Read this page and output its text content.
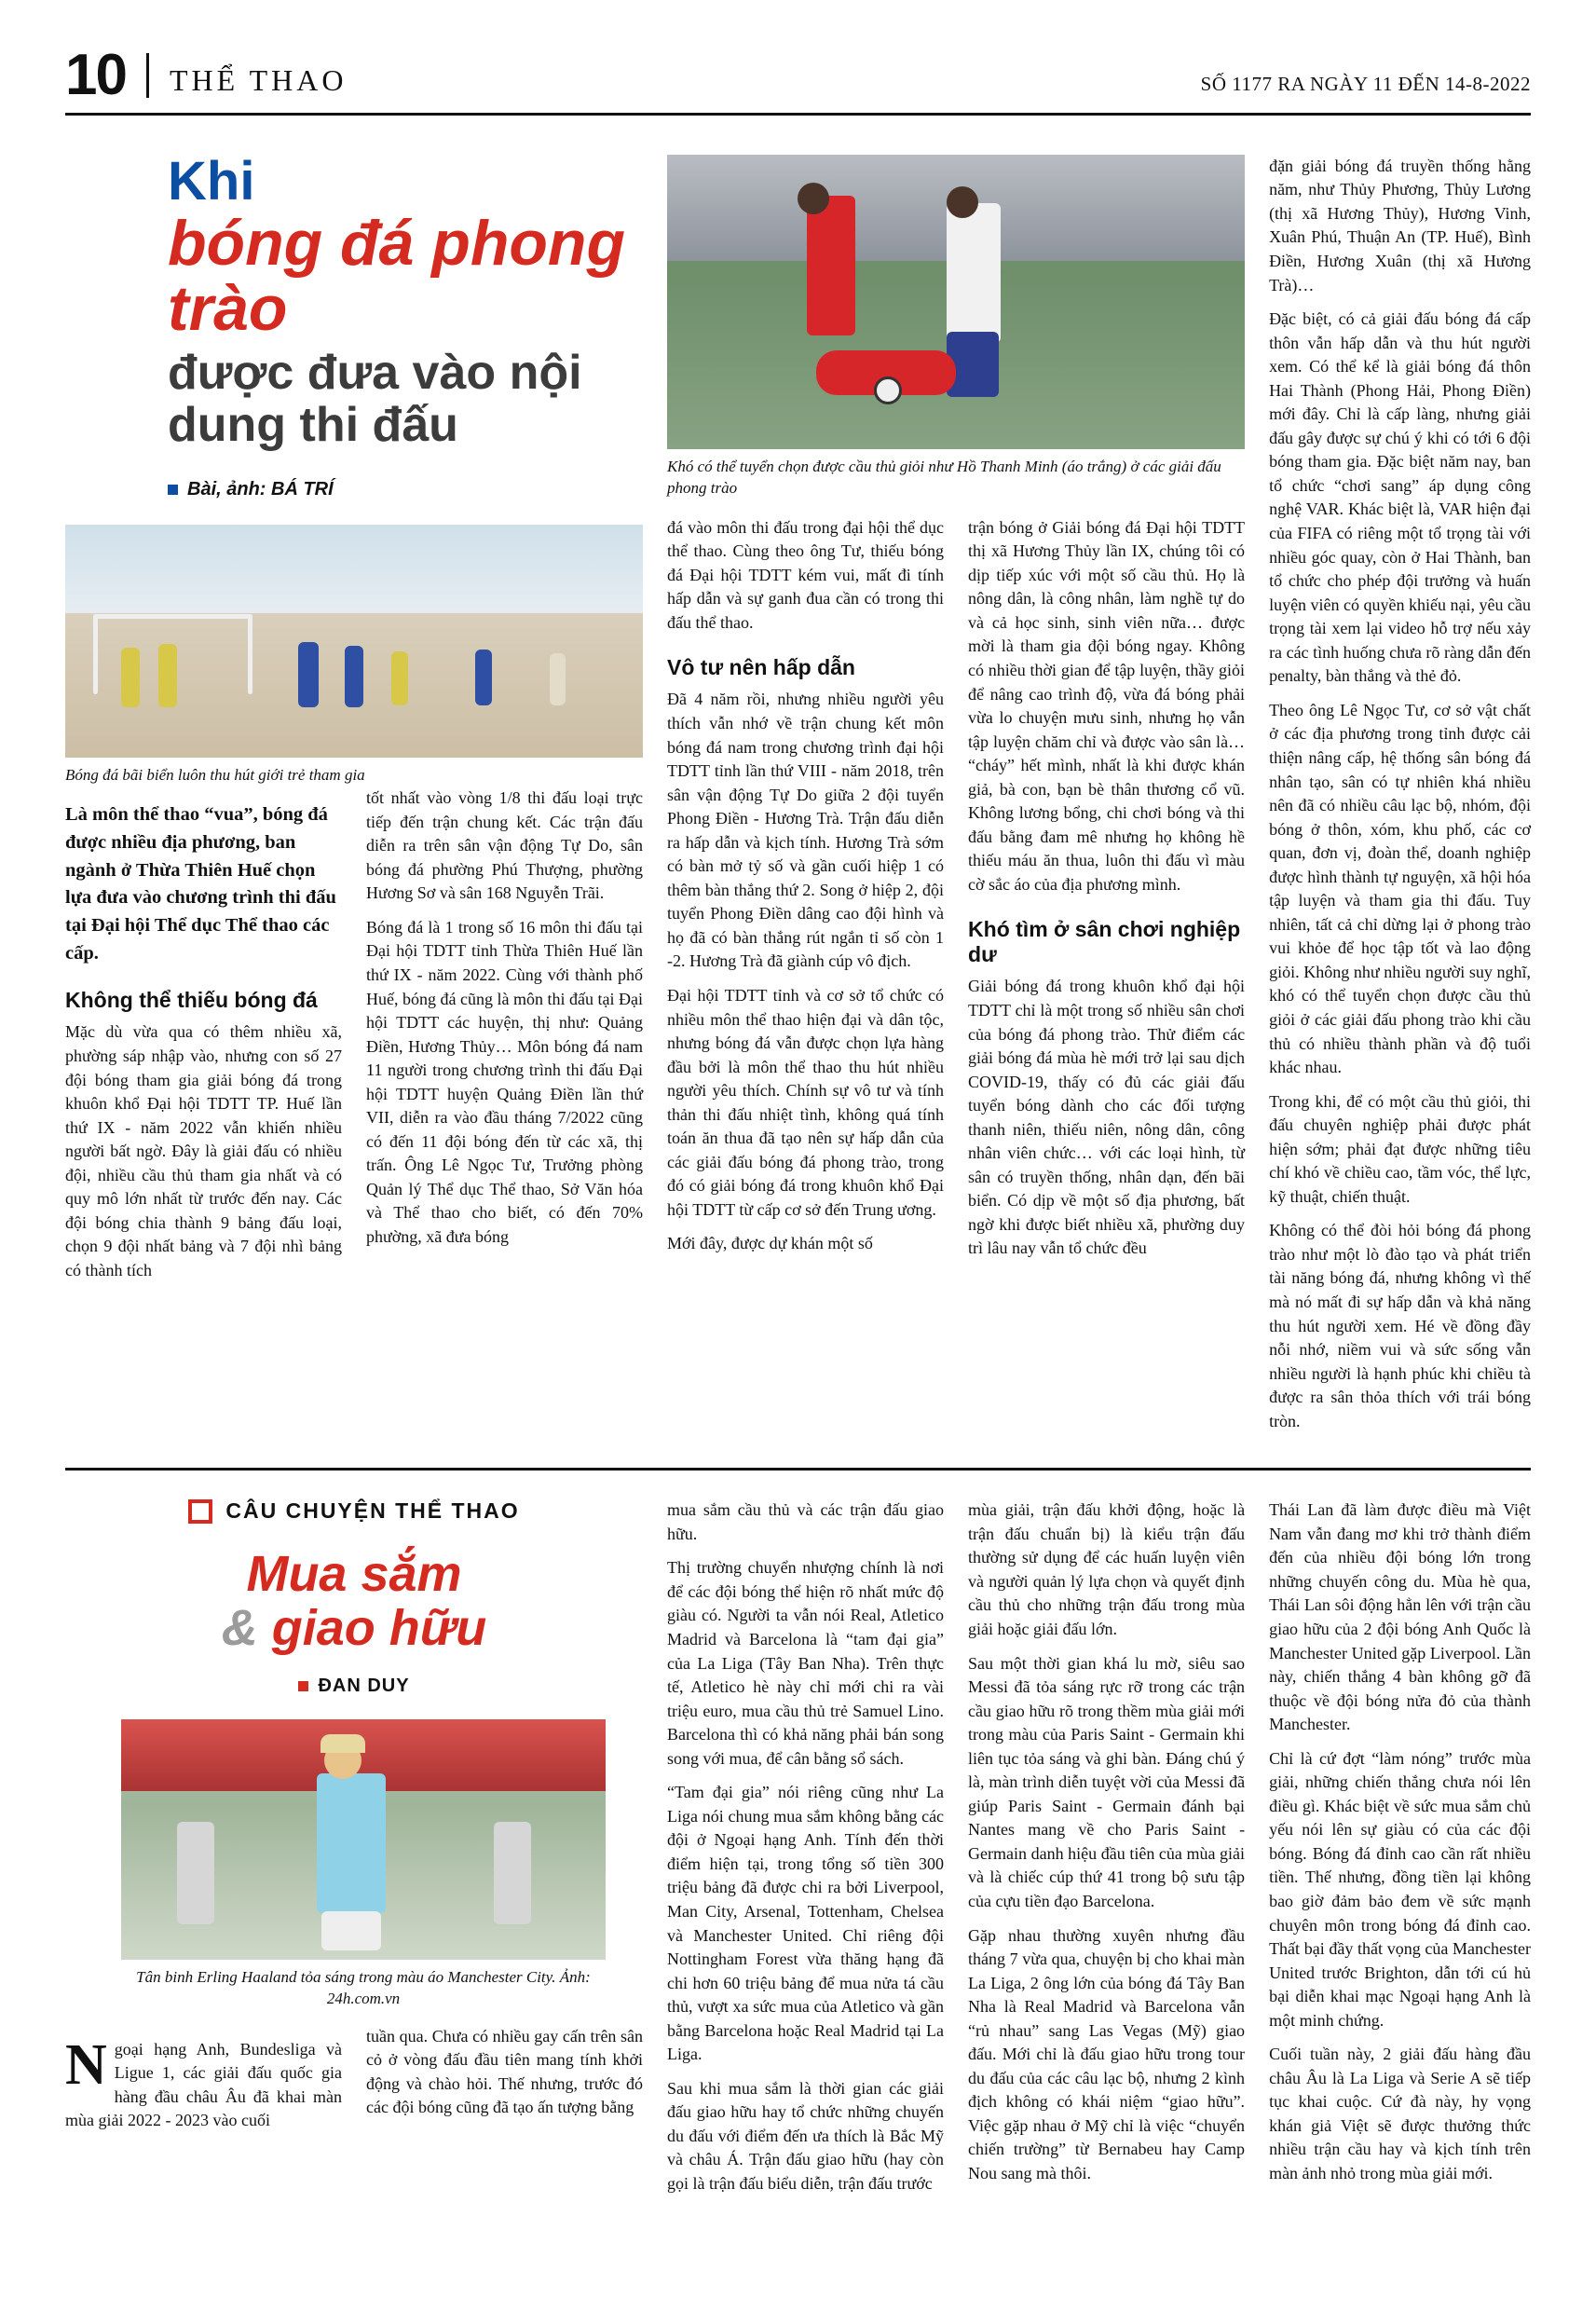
10 THỂ THAO	SỐ 1177 RA NGÀY 11 ĐẾN 14-8-2022
Khi
bóng đá phong trào
được đưa vào nội dung thi đấu
Bài, ảnh: BÁ TRÍ
Bóng đá bãi biển luôn thu hút giới trẻ tham gia
Là môn thể thao “vua”, bóng đá được nhiều địa phương, ban ngành ở Thừa Thiên Huế chọn lựa đưa vào chương trình thi đấu tại Đại hội Thể dục Thể thao các cấp.
Không thể thiếu bóng đá

Mặc dù vừa qua có thêm nhiều xã, phường sáp nhập vào, nhưng con số 27 đội bóng tham gia giải bóng đá trong khuôn khổ Đại hội TDTT TP. Huế lần thứ IX - năm 2022 vẫn khiến nhiều người bất ngờ. Đây là giải đấu có nhiều đội, nhiều cầu thủ tham gia nhất và có quy mô lớn nhất từ trước đến nay. Các đội bóng chia thành 9 bảng đấu loại, chọn 9 đội nhất bảng và 7 đội nhì bảng có thành tích

tốt nhất vào vòng 1/8 thi đấu loại trực tiếp đến trận chung kết. Các trận đấu diễn ra trên sân vận động Tự Do, sân bóng đá phường Phú Thượng, phường Hương Sơ và sân 168 Nguyễn Trãi.

Bóng đá là 1 trong số 16 môn thi đấu tại Đại hội TDTT tỉnh Thừa Thiên Huế lần thứ IX - năm 2022. Cùng với thành phố Huế, bóng đá cũng là môn thi đấu tại Đại hội TDTT các huyện, thị như: Quảng Điền, Hương Thủy… Môn bóng đá nam 11 người trong chương trình thi đấu Đại hội TDTT huyện Quảng Điền lần thứ VII, diễn ra vào đầu tháng 7/2022 cũng có đến 11 đội bóng đến từ các xã, thị trấn. Ông Lê Ngọc Tư, Trưởng phòng Quản lý Thể dục Thể thao, Sở Văn hóa và Thể thao cho biết, có đến 70% phường, xã đưa bóng

Khó có thể tuyển chọn được cầu thủ giỏi như Hồ Thanh Minh (áo trắng) ở các giải đấu phong trào

đá vào môn thi đấu trong đại hội thể dục thể thao. Cùng theo ông Tư, thiếu bóng đá Đại hội TDTT kém vui, mất đi tính hấp dẫn và sự ganh đua cần có trong thi đấu thể thao.

Vô tư nên hấp dẫn

Đã 4 năm rồi, nhưng nhiều người yêu thích vẫn nhớ về trận chung kết môn bóng đá nam trong chương trình đại hội TDTT tỉnh lần thứ VIII - năm 2018, trên sân vận động Tự Do giữa 2 đội tuyển Phong Điền - Hương Trà. Trận đấu diễn ra hấp dẫn và kịch tính. Hương Trà sớm có bàn mở tỷ số và gần cuối hiệp 1 có thêm bàn thắng thứ 2. Song ở hiệp 2, đội tuyển Phong Điền dâng cao đội hình và họ đã có bàn thắng rút ngắn tỉ số còn 1 -2. Hương Trà đã giành cúp vô địch.

Đại hội TDTT tỉnh và cơ sở tổ chức có nhiều môn thể thao hiện đại và dân tộc, nhưng bóng đá vẫn được chọn lựa hàng đầu bởi là môn thể thao thu hút nhiều người yêu thích. Chính sự vô tư và tính thản thi đấu nhiệt tình, không quá tính toán ăn thua đã tạo nên sự hấp dẫn của các giải đấu bóng đá phong trào, trong đó có giải bóng đá trong khuôn khổ Đại hội TDTT từ cấp cơ sở đến Trung ương.

Mới đây, được dự khán một số

trận bóng ở Giải bóng đá Đại hội TDTT thị xã Hương Thủy lần IX, chúng tôi có dịp tiếp xúc với một số cầu thủ. Họ là nông dân, là công nhân, làm nghề tự do và cả học sinh, sinh viên nữa… được mời là tham gia đội bóng ngay. Không có nhiều thời gian để tập luyện, thầy giỏi để nâng cao trình độ, vừa đá bóng phải vừa lo chuyện mưu sinh, nhưng họ vẫn tập luyện chăm chỉ và được vào sân là… “cháy” hết mình, nhất là khi được khán giả, bà con, bạn bè thân thương cổ vũ. Không lương bổng, chi chơi bóng và thi đấu bằng đam mê nhưng họ không hề thiếu máu ăn thua, luôn thi đấu vì màu cờ sắc áo của địa phương mình.

Khó tìm ở sân chơi nghiệp dư

Giải bóng đá trong khuôn khổ đại hội TDTT chỉ là một trong số nhiều sân chơi của bóng đá phong trào. Thử điểm các giải bóng đá mùa hè mới trở lại sau dịch COVID-19, thấy có đủ các giải đấu tuyển bóng dành cho các đối tượng thanh niên, thiếu niên, nông dân, công nhân viên chức… với các loại hình, từ sân có truyền thống, nhân dạn, đến bãi biển. Có dịp về một số địa phương, bất ngờ khi được biết nhiều xã, phường duy trì lâu nay vẫn tổ chức đều

đặn giải bóng đá truyền thống hằng năm, như Thủy Phương, Thủy Lương (thị xã Hương Thủy), Hương Vinh, Xuân Phú, Thuận An (TP. Huế), Bình Điền, Hương Xuân (thị xã Hương Trà)…

Đặc biệt, có cả giải đấu bóng đá cấp thôn vẫn hấp dẫn và thu hút người xem. Có thể kể là giải bóng đá thôn Hai Thành (Phong Hải, Phong Điền) mới đây. Chỉ là cấp làng, nhưng giải đấu gây được sự chú ý khi có tới 6 đội bóng tham gia. Đặc biệt năm nay, ban tổ chức “chơi sang” áp dụng công nghệ VAR. Khác biệt là, VAR hiện đại của FIFA có riêng một tổ trọng tài với nhiều góc quay, còn ở Hai Thành, ban tổ chức cho phép đội trưởng và huấn luyện viên có quyền khiếu nại, yêu cầu trọng tài xem lại video hỗ trợ nếu xảy ra các tình huống chưa rõ ràng dẫn đến penalty, bàn thắng và thẻ đỏ.

Theo ông Lê Ngọc Tư, cơ sở vật chất ở các địa phương trong tỉnh được cải thiện nâng cấp, hệ thống sân bóng đá nhân tạo, sân có tự nhiên khá nhiều nên đã có nhiều câu lạc bộ, nhóm, đội bóng ở thôn, xóm, khu phố, các cơ quan, đơn vị, đoàn thể, doanh nghiệp được hình thành tự nguyện, xã hội hóa tập luyện và tham gia thi đấu. Tuy nhiên, tất cả chỉ dừng lại ở phong trào vui khỏe để học tập tốt và lao động giỏi. Không như nhiều người suy nghĩ, khó có thể tuyển chọn được cầu thủ giỏi ở các giải đấu phong trào khi cầu thủ có nhiều thành phần và độ tuổi khác nhau.

Trong khi, để có một cầu thủ giỏi, thi đấu chuyên nghiệp phải được phát hiện sớm; phải đạt được những tiêu chí khó về chiều cao, tầm vóc, thể lực, kỹ thuật, chiến thuật.

Không có thể đòi hỏi bóng đá phong trào như một lò đào tạo và phát triển tài năng bóng đá, nhưng không vì thế mà nó mất đi sự hấp dẫn và khả năng thu hút người xem. Hé về đồng đầy nỗi nhớ, niềm vui và sức sống vẫn nhiều người là hạnh phúc khi chiều tà được ra sân thỏa thích với trái bóng tròn.

CÂU CHUYỆN THỂ THAO
Mua sắm
& giao hữu
ĐAN DUY
Tân binh Erling Haaland tỏa sáng trong màu áo Manchester City. Ảnh: 24h.com.vn

Ngoại hạng Anh, Bundesliga và Ligue 1, các giải đấu quốc gia hàng đầu châu Âu đã khai màn mùa giải 2022 - 2023 vào cuối

tuần qua. Chưa có nhiều gay cấn trên sân cỏ ở vòng đấu đầu tiên mang tính khởi động và chào hỏi. Thế nhưng, trước đó các đội bóng cũng đã tạo ấn tượng bằng

mua sắm cầu thủ và các trận đấu giao hữu.

Thị trường chuyển nhượng chính là nơi để các đội bóng thể hiện rõ nhất mức độ giàu có. Người ta vẫn nói Real, Atletico Madrid và Barcelona là “tam đại gia” của La Liga (Tây Ban Nha). Trên thực tế, Atletico hè này chỉ mới chi ra vài triệu euro, mua cầu thủ trẻ Samuel Lino. Barcelona thì có khả năng phải bán song song với mua, để cân bằng sổ sách.

“Tam đại gia” nói riêng cũng như La Liga nói chung mua sắm không bằng các đội ở Ngoại hạng Anh. Tính đến thời điểm hiện tại, trong tổng số tiền 300 triệu bảng đã được chi ra bởi Liverpool, Man City, Arsenal, Tottenham, Chelsea và Manchester United. Chỉ riêng đội Nottingham Forest vừa thăng hạng đã chi hơn 60 triệu bảng để mua nửa tá cầu thủ, vượt xa sức mua của Atletico và gần bằng Barcelona hoặc Real Madrid tại La Liga.

Sau khi mua sắm là thời gian các giải đấu giao hữu hay tổ chức những chuyến du đấu với điểm đến ưa thích là Bắc Mỹ và châu Á. Trận đấu giao hữu (hay còn gọi là trận đấu biểu diễn, trận đấu trước

mùa giải, trận đấu khởi động, hoặc là trận đấu chuẩn bị) là kiểu trận đấu thường sử dụng để các huấn luyện viên và người quản lý lựa chọn và quyết định cầu thủ cho những trận đấu trong mùa giải hoặc giải đấu lớn.

Sau một thời gian khá lu mờ, siêu sao Messi đã tỏa sáng rực rỡ trong các trận cầu giao hữu rõ trong thềm mùa giải mới trong màu của Paris Saint - Germain khi liên tục tỏa sáng và ghi bàn. Đáng chú ý là, màn trình diễn tuyệt vời của Messi đã giúp Paris Saint - Germain đánh bại Nantes mang về cho Paris Saint - Germain danh hiệu đầu tiên của mùa giải và là chiếc cúp thứ 41 trong bộ sưu tập của cựu tiền đạo Barcelona.

Gặp nhau thường xuyên nhưng đầu tháng 7 vừa qua, chuyện bị cho khai màn La Liga, 2 ông lớn của bóng đá Tây Ban Nha là Real Madrid và Barcelona vẫn “rủ nhau” sang Las Vegas (Mỹ) giao đấu. Mới chỉ là đấu giao hữu trong tour du đấu của các câu lạc bộ, nhưng 2 kình địch không có khái niệm “giao hữu”. Việc gặp nhau ở Mỹ chỉ là việc “chuyển chiến trường” từ Bernabeu hay Camp Nou sang mà thôi.

Thái Lan đã làm được điều mà Việt Nam vẫn đang mơ khi trở thành điểm đến của nhiều đội bóng lớn trong những chuyến công du. Mùa hè qua, Thái Lan sôi động hẳn lên với trận cầu giao hữu của 2 đội bóng Anh Quốc là Manchester United gặp Liverpool. Lần này, chiến thắng 4 bàn không gỡ đã thuộc về đội bóng nửa đỏ của thành Manchester.

Chỉ là cứ đợt “làm nóng” trước mùa giải, những chiến thắng chưa nói lên điều gì. Khác biệt về sức mua sắm chủ yếu nói lên sự giàu có của các đội bóng. Bóng đá đỉnh cao cần rất nhiều tiền. Thế nhưng, đồng tiền lại không bao giờ đảm bảo đem về sức mạnh chuyên môn trong bóng đá đỉnh cao. Thất bại đầy thất vọng của Manchester United trước Brighton, dẫn tới cú hủ bại diễn khai mạc Ngoại hạng Anh là một minh chứng.

Cuối tuần này, 2 giải đấu hàng đầu châu Âu là La Liga và Serie A sẽ tiếp tục khai cuộc. Cứ đà này, hy vọng khán giả Việt sẽ được thưởng thức nhiều trận cầu hay và kịch tính trên màn ảnh nhỏ trong mùa giải mới.
